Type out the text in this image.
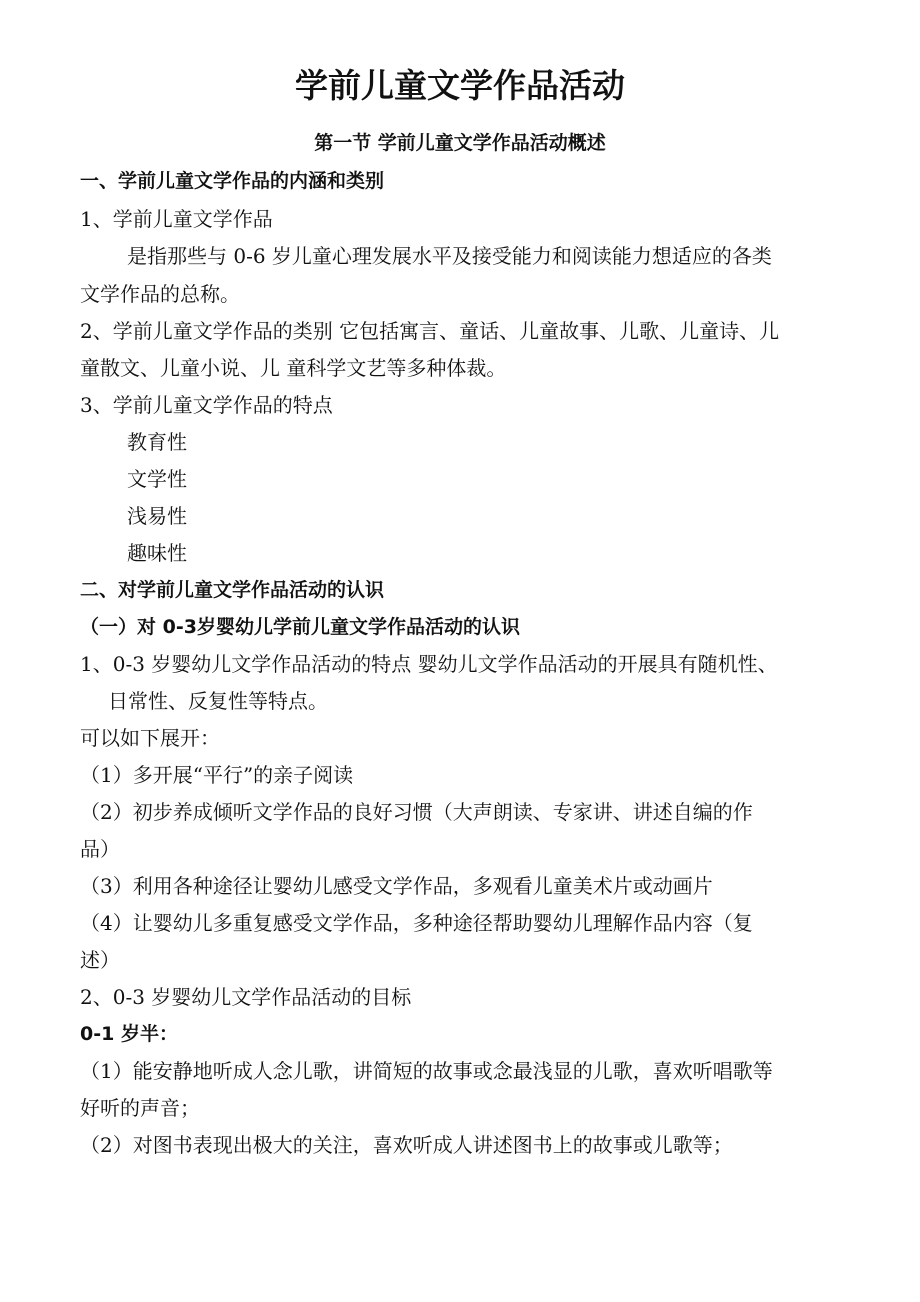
学前儿童文学作品活动
第一节 学前儿童文学作品活动概述
一、学前儿童文学作品的内涵和类别
1、学前儿童文学作品
是指那些与 0-6 岁儿童心理发展水平及接受能力和阅读能力想适应的各类
文学作品的总称。
2、学前儿童文学作品的类别 它包括寓言、童话、儿童故事、儿歌、儿童诗、儿
童散文、儿童小说、儿 童科学文艺等多种体裁。
3、学前儿童文学作品的特点
教育性
文学性
浅易性
趣味性
二、对学前儿童文学作品活动的认识
（一）对 0-3岁婴幼儿学前儿童文学作品活动的认识
1、0-3 岁婴幼儿文学作品活动的特点 婴幼儿文学作品活动的开展具有随机性、
日常性、反复性等特点。
可以如下展开：
（1）多开展“平行”的亲子阅读
（2）初步养成倾听文学作品的良好习惯（大声朗读、专家讲、讲述自编的作
品）
（3）利用各种途径让婴幼儿感受文学作品，多观看儿童美术片或动画片
（4）让婴幼儿多重复感受文学作品，多种途径帮助婴幼儿理解作品内容（复
述）
2、0-3 岁婴幼儿文学作品活动的目标
0-1 岁半：
（1）能安静地听成人念儿歌，讲简短的故事或念最浅显的儿歌，喜欢听唱歌等
好听的声音；
（2）对图书表现出极大的关注，喜欢听成人讲述图书上的故事或儿歌等；
